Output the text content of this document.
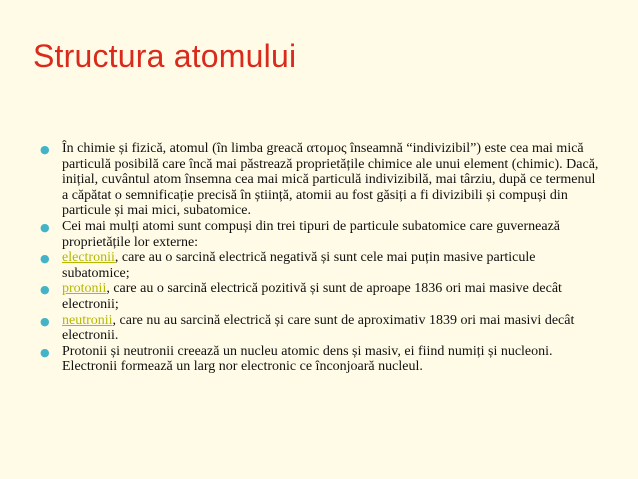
Structura atomului
● În chimie și fizică, atomul (în limba greacă ατομος înseamnă “indivizibil”) este cea mai mică particulă posibilă care încă mai păstrează proprietățile chimice ale unui element (chimic). Dacă, inițial, cuvântul atom însemna cea mai mică particulă indivizibilă, mai târziu, după ce termenul a căpătat o semnificație precisă în știință, atomii au fost găsiți a fi divizibili și compuși din particule și mai mici, subatomice.
● Cei mai mulți atomi sunt compuși din trei tipuri de particule subatomice care guvernează proprietățile lor externe:
● electronii, care au o sarcină electrică negativă și sunt cele mai puțin masive particule subatomice;
● protonii, care au o sarcină electrică pozitivă și sunt de aproape 1836 ori mai masive decât electronii;
● neutronii, care nu au sarcină electrică și care sunt de aproximativ 1839 ori mai masivi decât electronii.
● Protonii și neutronii creează un nucleu atomic dens și masiv, ei fiind numiți și nucleoni. Electronii formează un larg nor electronic ce înconjoară nucleul.
